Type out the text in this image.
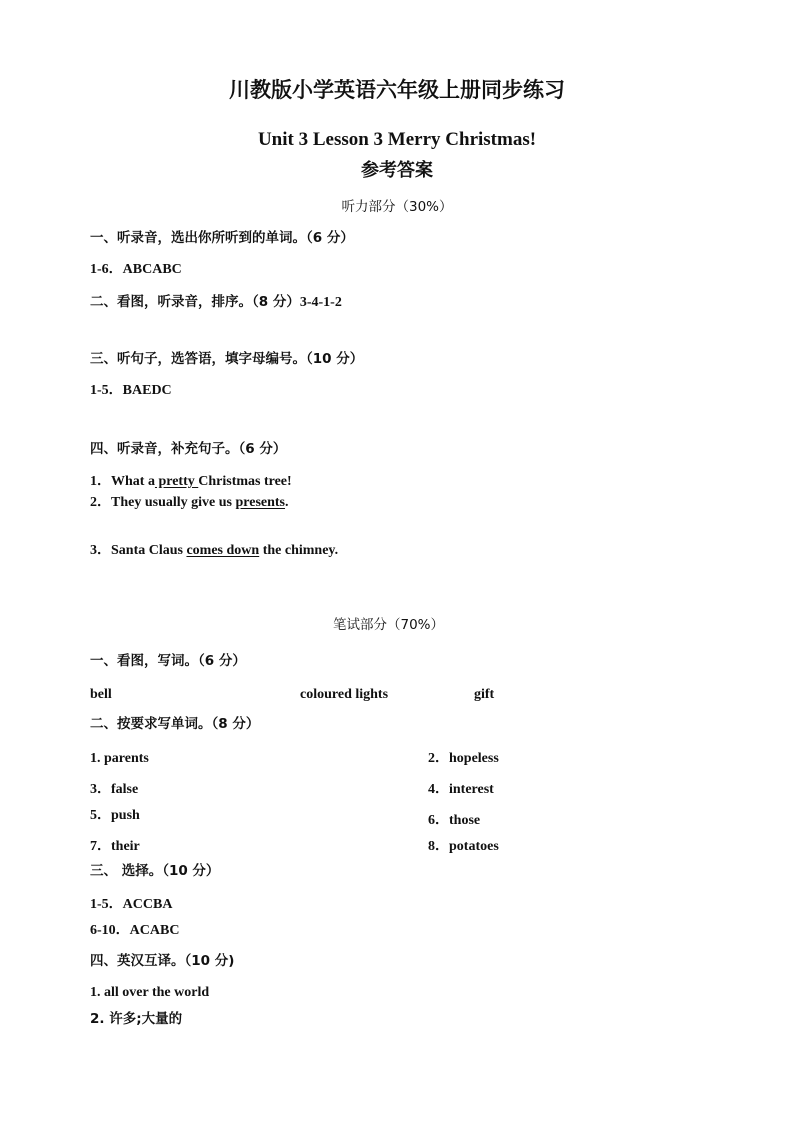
川教版小学英语六年级上册同步练习
Unit 3 Lesson 3 Merry Christmas!
参考答案
听力部分（30%）
一、听录音，选出你所听到的单词。（6 分）
1-6．ABCABC
二、看图，听录音，排序。（8 分）3-4-1-2
三、听句子，选答语，填字母编号。（10 分）
1-5．BAEDC
四、听录音，补充句子。（6 分）
1．What a pretty Christmas tree!
2．They usually give us presents.
3．Santa Claus comes down the chimney.
笔试部分（70%）
一、看图，写词。（6 分）
bell	coloured lights	gift
二、按要求写单词。（8 分）
1. parents	2．hopeless
3．false	4．interest
5．push	6．those
7．their	8．potatoes
三、 选择。（10 分）
1-5．ACCBA
6-10．ACABC
四、英汉互译。（10 分)
1. all over the world
2. 许多;大量的
